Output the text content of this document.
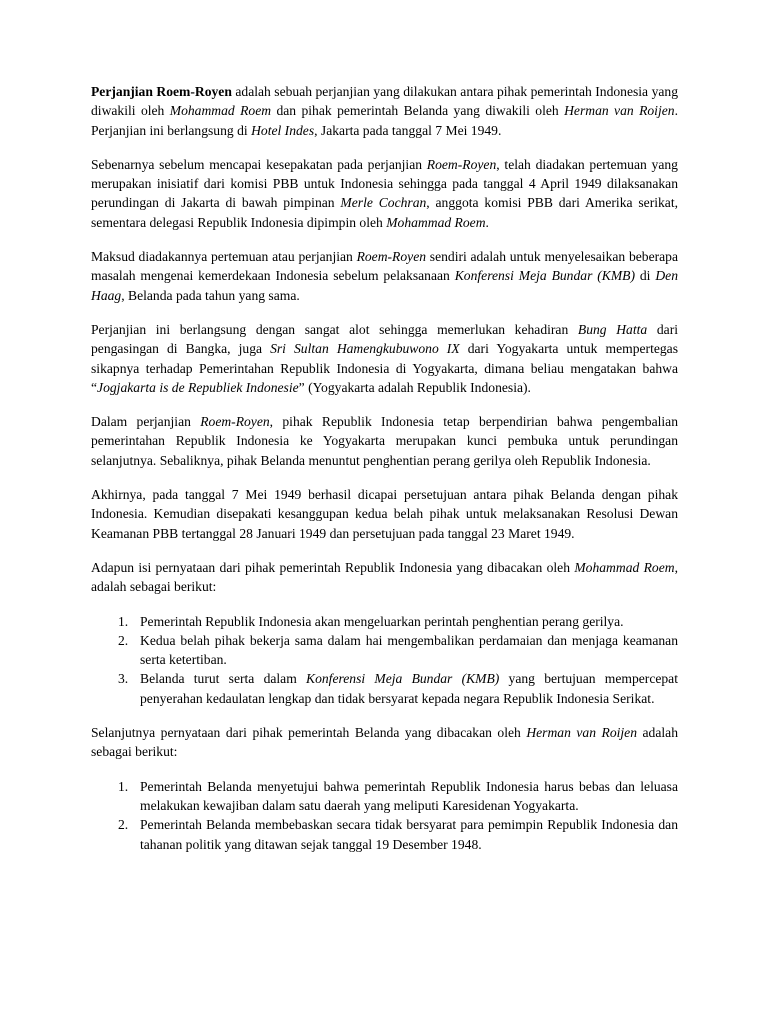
Perjanjian Roem-Royen adalah sebuah perjanjian yang dilakukan antara pihak pemerintah Indonesia yang diwakili oleh Mohammad Roem dan pihak pemerintah Belanda yang diwakili oleh Herman van Roijen. Perjanjian ini berlangsung di Hotel Indes, Jakarta pada tanggal 7 Mei 1949.

Sebenarnya sebelum mencapai kesepakatan pada perjanjian Roem-Royen, telah diadakan pertemuan yang merupakan inisiatif dari komisi PBB untuk Indonesia sehingga pada tanggal 4 April 1949 dilaksanakan perundingan di Jakarta di bawah pimpinan Merle Cochran, anggota komisi PBB dari Amerika serikat, sementara delegasi Republik Indonesia dipimpin oleh Mohammad Roem.

Maksud diadakannya pertemuan atau perjanjian Roem-Royen sendiri adalah untuk menyelesaikan beberapa masalah mengenai kemerdekaan Indonesia sebelum pelaksanaan Konferensi Meja Bundar (KMB) di Den Haag, Belanda pada tahun yang sama.

Perjanjian ini berlangsung dengan sangat alot sehingga memerlukan kehadiran Bung Hatta dari pengasingan di Bangka, juga Sri Sultan Hamengkubuwono IX dari Yogyakarta untuk mempertegas sikapnya terhadap Pemerintahan Republik Indonesia di Yogyakarta, dimana beliau mengatakan bahwa “Jogjakarta is de Republiek Indonesie” (Yogyakarta adalah Republik Indonesia).

Dalam perjanjian Roem-Royen, pihak Republik Indonesia tetap berpendirian bahwa pengembalian pemerintahan Republik Indonesia ke Yogyakarta merupakan kunci pembuka untuk perundingan selanjutnya. Sebaliknya, pihak Belanda menuntut penghentian perang gerilya oleh Republik Indonesia.

Akhirnya, pada tanggal 7 Mei 1949 berhasil dicapai persetujuan antara pihak Belanda dengan pihak Indonesia. Kemudian disepakati kesanggupan kedua belah pihak untuk melaksanakan Resolusi Dewan Keamanan PBB tertanggal 28 Januari 1949 dan persetujuan pada tanggal 23 Maret 1949.

Adapun isi pernyataan dari pihak pemerintah Republik Indonesia yang dibacakan oleh Mohammad Roem, adalah sebagai berikut:

Pemerintah Republik Indonesia akan mengeluarkan perintah penghentian perang gerilya.
Kedua belah pihak bekerja sama dalam hai mengembalikan perdamaian dan menjaga keamanan serta ketertiban.
Belanda turut serta dalam Konferensi Meja Bundar (KMB) yang bertujuan mempercepat penyerahan kedaulatan lengkap dan tidak bersyarat kepada negara Republik Indonesia Serikat.

Selanjutnya pernyataan dari pihak pemerintah Belanda yang dibacakan oleh Herman van Roijen adalah sebagai berikut:

Pemerintah Belanda menyetujui bahwa pemerintah Republik Indonesia harus bebas dan leluasa melakukan kewajiban dalam satu daerah yang meliputi Karesidenan Yogyakarta.
Pemerintah Belanda membebaskan secara tidak bersyarat para pemimpin Republik Indonesia dan tahanan politik yang ditawan sejak tanggal 19 Desember 1948.
